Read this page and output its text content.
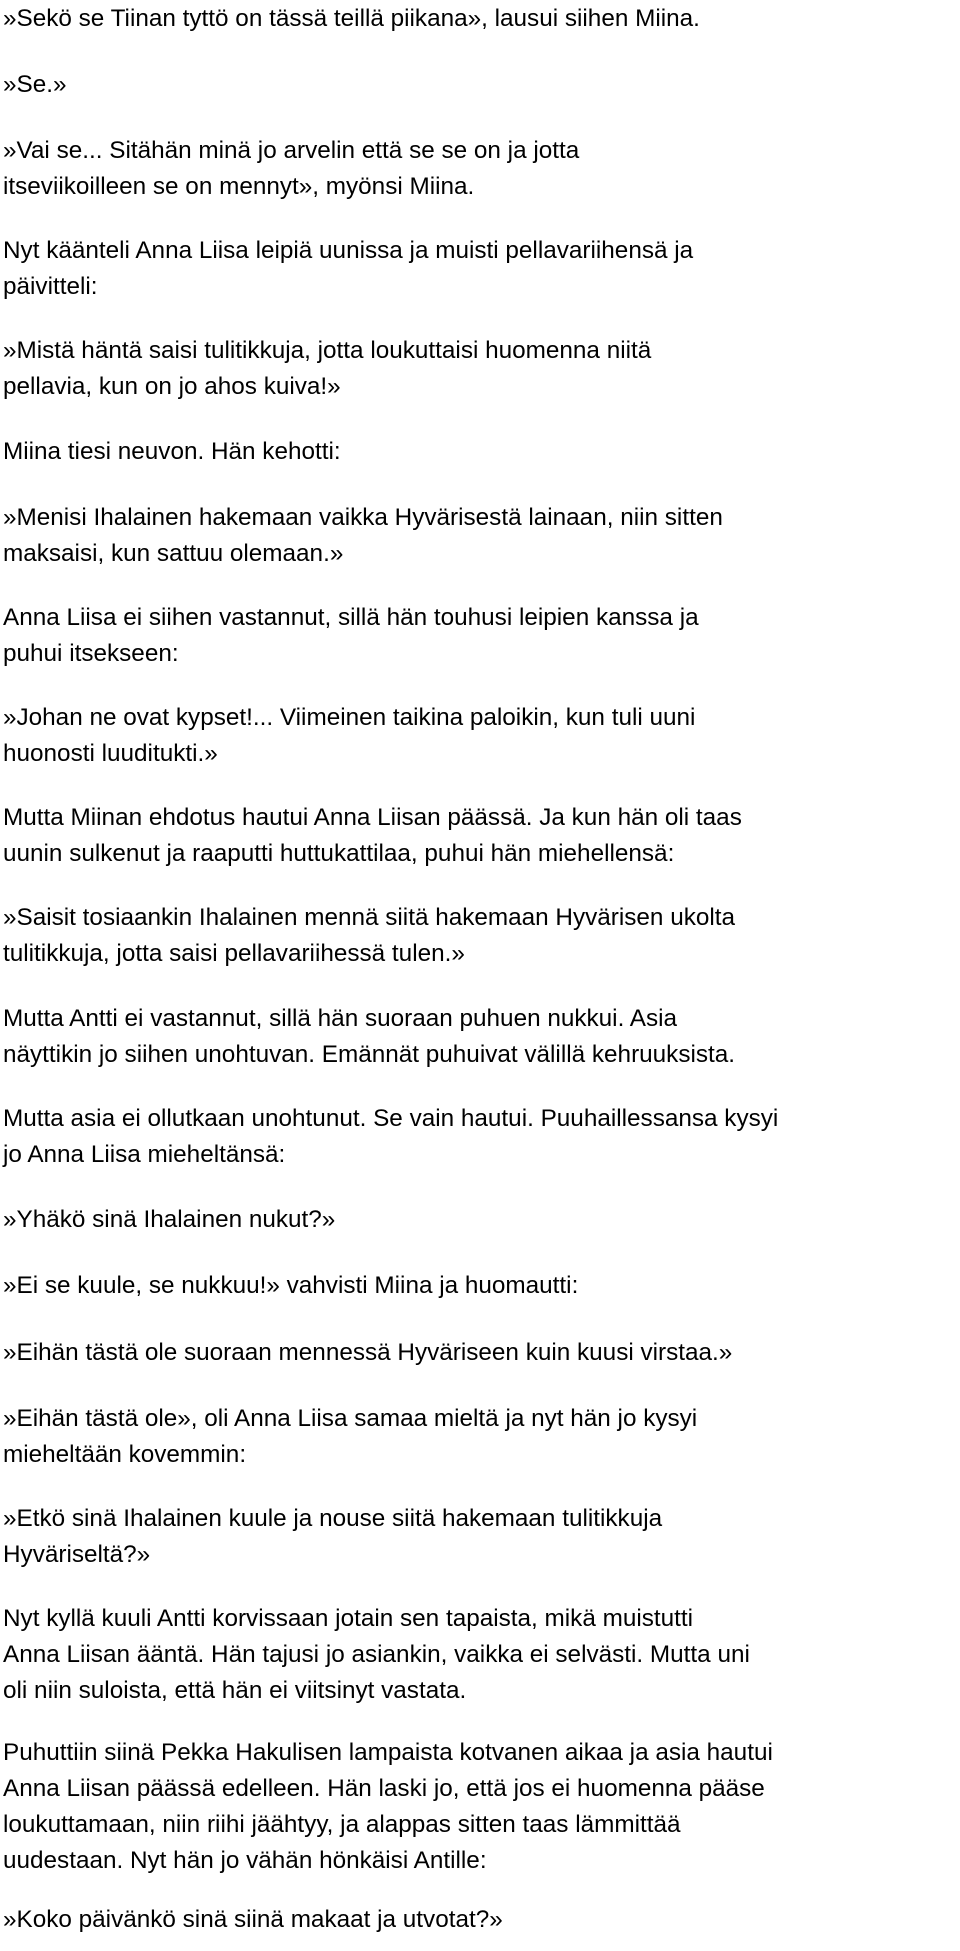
»Sekö se Tiinan tyttö on tässä teillä piikana», lausui siihen Miina.

»Se.»

»Vai se... Sitähän minä jo arvelin että se se on ja jotta
itseviikoilleen se on mennyt», myönsi Miina.

Nyt käänteli Anna Liisa leipiä uunissa ja muisti pellavariihensä ja
päivitteli:

»Mistä häntä saisi tulitikkuja, jotta loukuttaisi huomenna niitä
pellavia, kun on jo ahos kuiva!»

Miina tiesi neuvon. Hän kehotti:

»Menisi Ihalainen hakemaan vaikka Hyvärisestä lainaan, niin sitten
maksaisi, kun sattuu olemaan.»

Anna Liisa ei siihen vastannut, sillä hän touhusi leipien kanssa ja
puhui itsekseen:

»Johan ne ovat kypset!... Viimeinen taikina paloikin, kun tuli uuni
huonosti luuditukti.»

Mutta Miinan ehdotus hautui Anna Liisan päässä. Ja kun hän oli taas
uunin sulkenut ja raaputti huttukattilaa, puhui hän miehellensä:

»Saisit tosiaankin Ihalainen mennä siitä hakemaan Hyvärisen ukolta
tulitikkuja, jotta saisi pellavariihessä tulen.»

Mutta Antti ei vastannut, sillä hän suoraan puhuen nukkui. Asia
näyttikin jo siihen unohtuvan. Emännät puhuivat välillä kehruuksista.

Mutta asia ei ollutkaan unohtunut. Se vain hautui. Puuhaillessansa kysyi
jo Anna Liisa mieheltänsä:

»Yhäkö sinä Ihalainen nukut?»

»Ei se kuule, se nukkuu!» vahvisti Miina ja huomautti:

»Eihän tästä ole suoraan mennessä Hyväriseen kuin kuusi virstaa.»

»Eihän tästä ole», oli Anna Liisa samaa mieltä ja nyt hän jo kysyi
mieheltään kovemmin:

»Etkö sinä Ihalainen kuule ja nouse siitä hakemaan tulitikkuja
Hyväriseltä?»

Nyt kyllä kuuli Antti korvissaan jotain sen tapaista, mikä muistutti
Anna Liisan ääntä. Hän tajusi jo asiankin, vaikka ei selvästi. Mutta uni
oli niin suloista, että hän ei viitsinyt vastata.

Puhuttiin siinä Pekka Hakulisen lampaista kotvanen aikaa ja asia hautui
Anna Liisan päässä edelleen. Hän laski jo, että jos ei huomenna pääse
loukuttamaan, niin riihi jäähtyy, ja alappas sitten taas lämmittää
uudestaan. Nyt hän jo vähän hönkäisi Antille:

»Koko päivänkö sinä siinä makaat ja utvotat?»
